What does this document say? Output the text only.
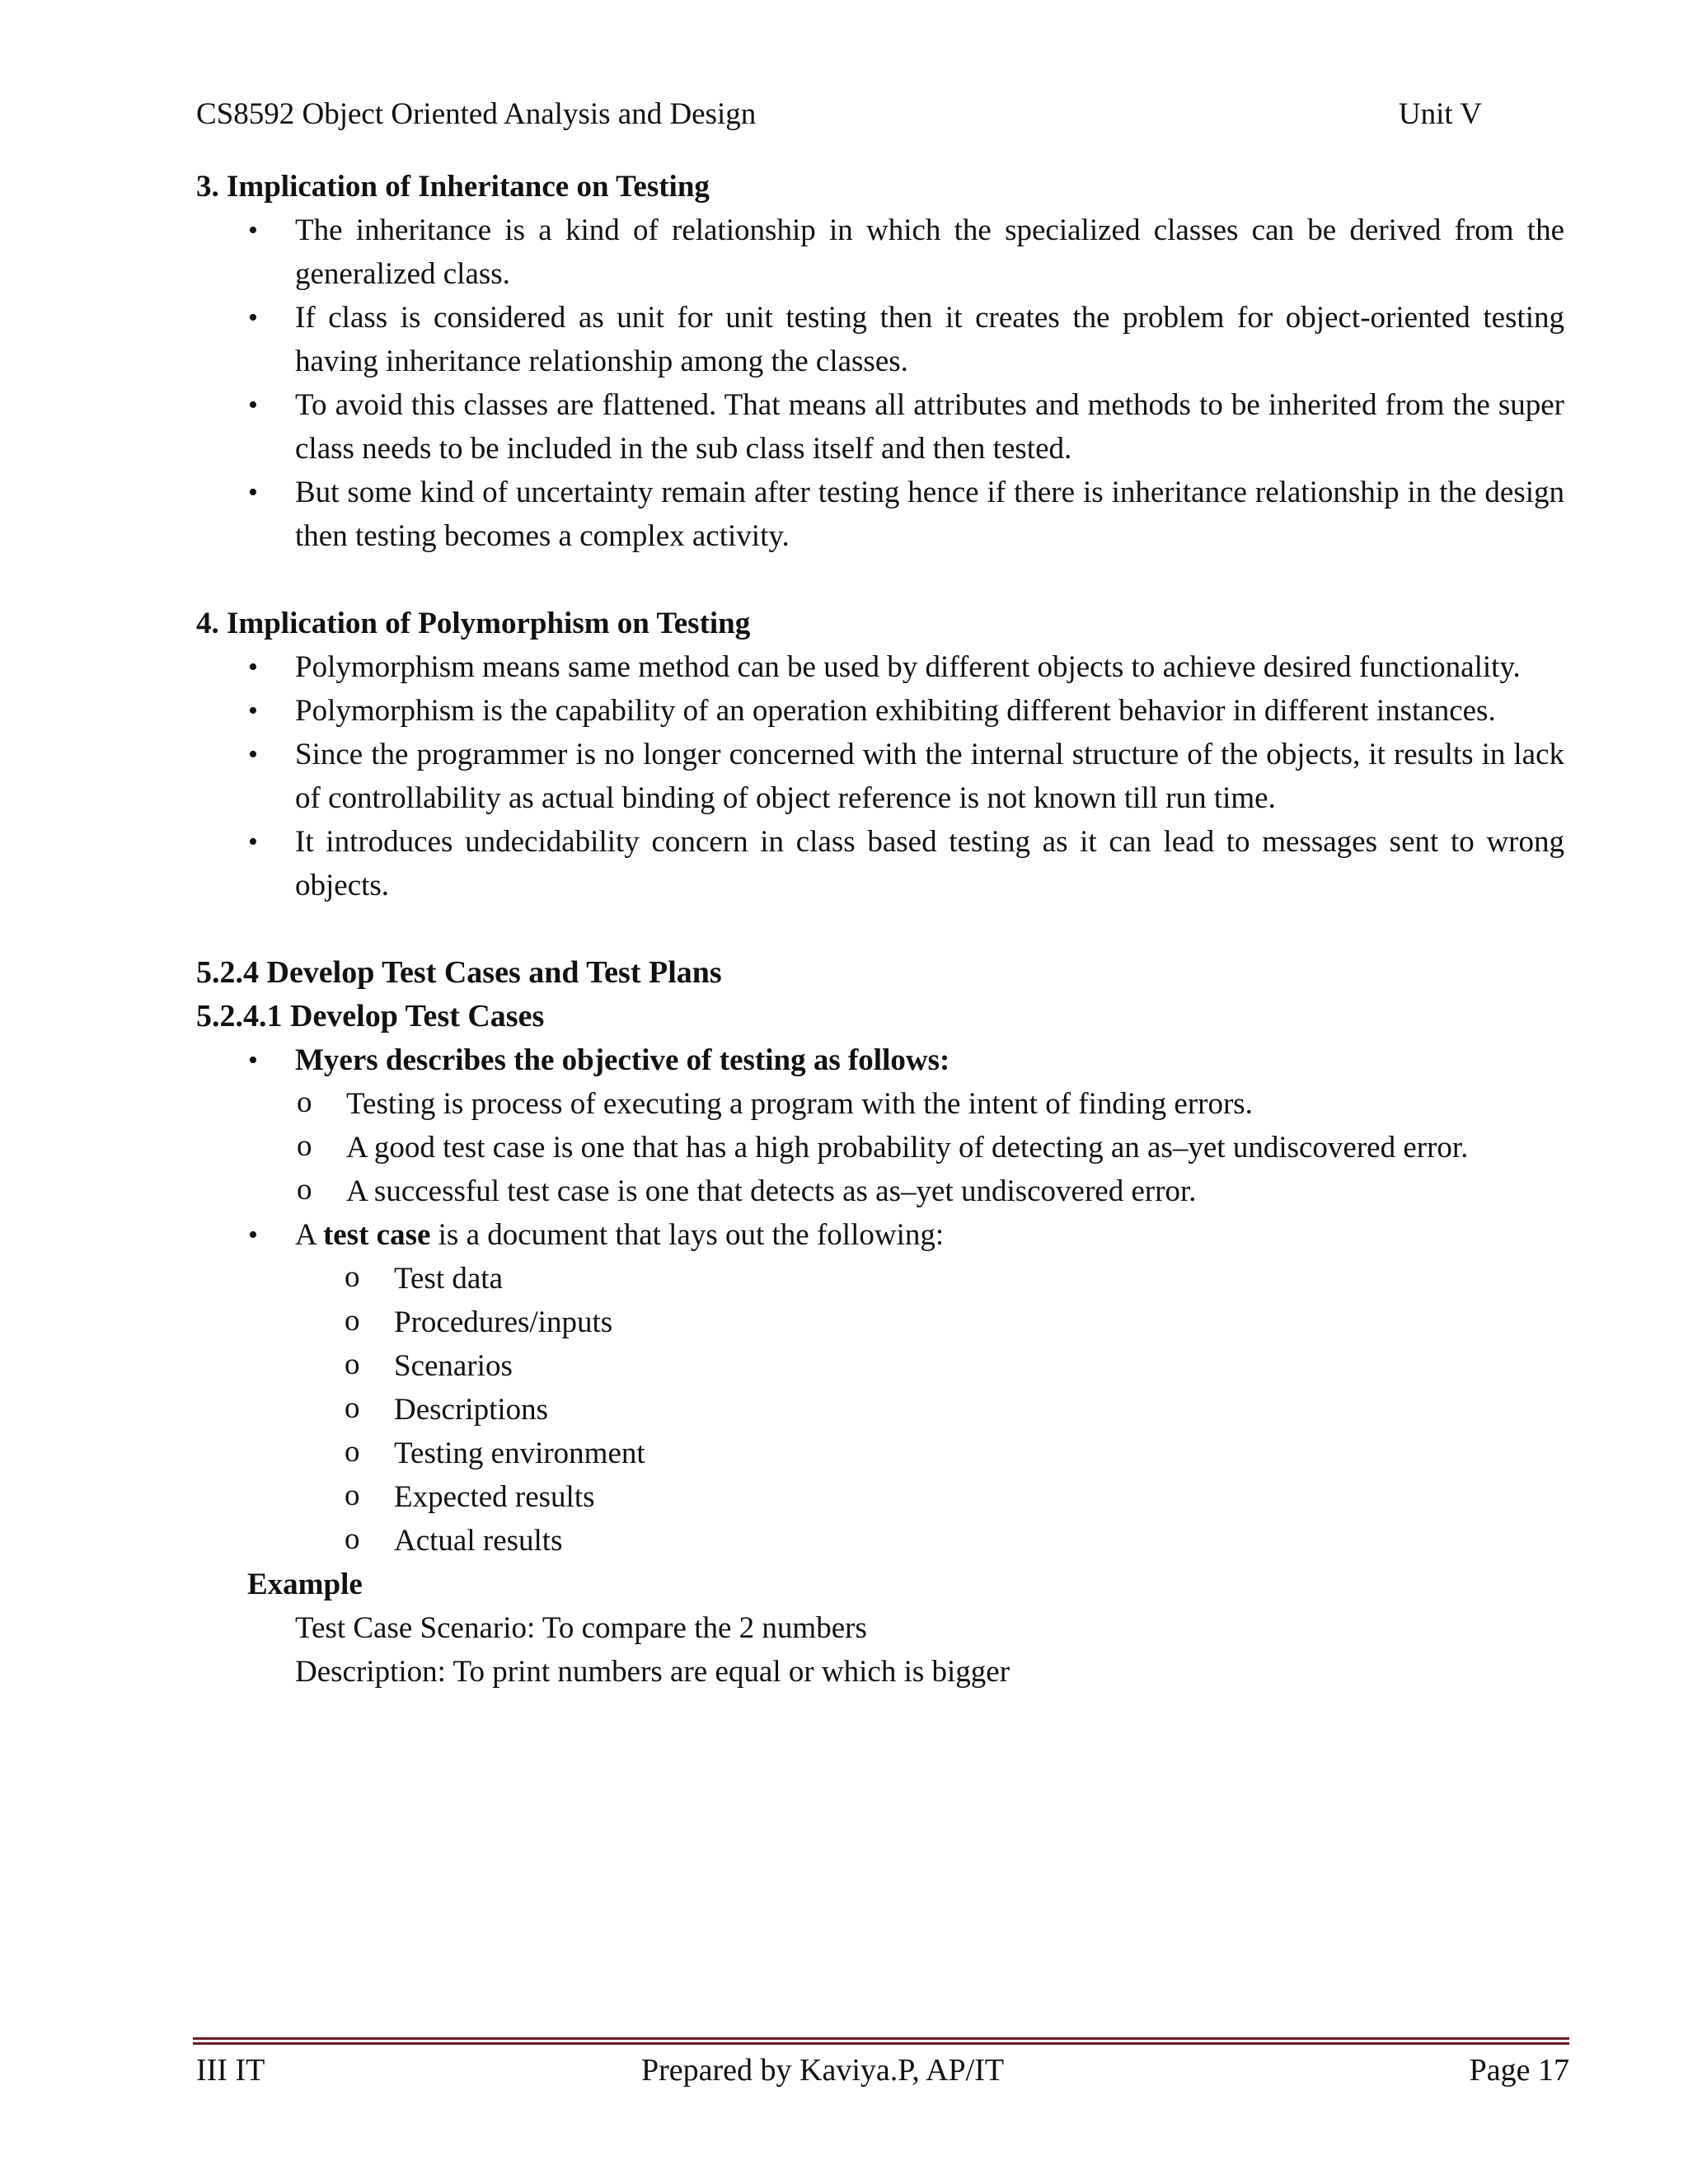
CS8592 Object Oriented Analysis and Design	Unit V
3. Implication of Inheritance on Testing
• The inheritance is a kind of relationship in which the specialized classes can be derived from the generalized class.
• If class is considered as unit for unit testing then it creates the problem for object-oriented testing having inheritance relationship among the classes.
• To avoid this classes are flattened. That means all attributes and methods to be inherited from the super class needs to be included in the sub class itself and then tested.
• But some kind of uncertainty remain after testing hence if there is inheritance relationship in the design then testing becomes a complex activity.
4. Implication of Polymorphism on Testing
• Polymorphism means same method can be used by different objects to achieve desired functionality.
• Polymorphism is the capability of an operation exhibiting different behavior in different instances.
• Since the programmer is no longer concerned with the internal structure of the objects, it results in lack of controllability as actual binding of object reference is not known till run time.
• It introduces undecidability concern in class based testing as it can lead to messages sent to wrong objects.
5.2.4 Develop Test Cases and Test Plans
5.2.4.1 Develop Test Cases
• Myers describes the objective of testing as follows:
o Testing is process of executing a program with the intent of finding errors.
o A good test case is one that has a high probability of detecting an as–yet undiscovered error.
o A successful test case is one that detects as as–yet undiscovered error.
• A test case is a document that lays out the following:
o Test data
o Procedures/inputs
o Scenarios
o Descriptions
o Testing environment
o Expected results
o Actual results
Example
Test Case Scenario: To compare the 2 numbers
Description: To print numbers are equal or which is bigger
III IT	Prepared by Kaviya.P, AP/IT	Page 17
